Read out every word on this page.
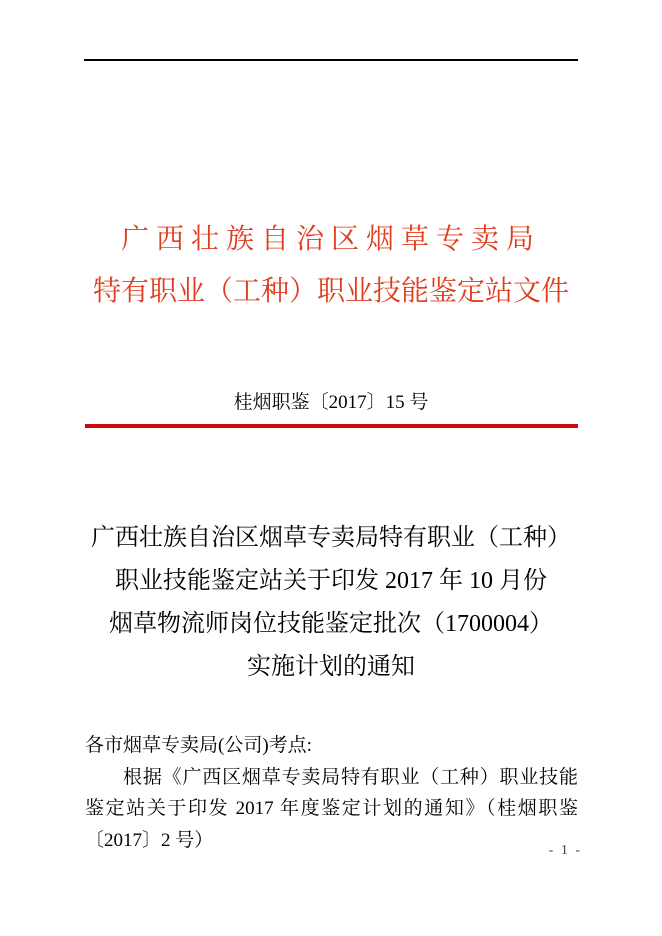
广西壮族自治区烟草专卖局
特有职业（工种）职业技能鉴定站文件
桂烟职鉴〔2017〕15 号
广西壮族自治区烟草专卖局特有职业（工种）
职业技能鉴定站关于印发 2017 年 10 月份
烟草物流师岗位技能鉴定批次（1700004）
实施计划的通知
各市烟草专卖局(公司)考点:

根据《广西区烟草专卖局特有职业（工种）职业技能鉴定站关于印发 2017 年度鉴定计划的通知》（桂烟职鉴〔2017〕2 号）	- 1 -
